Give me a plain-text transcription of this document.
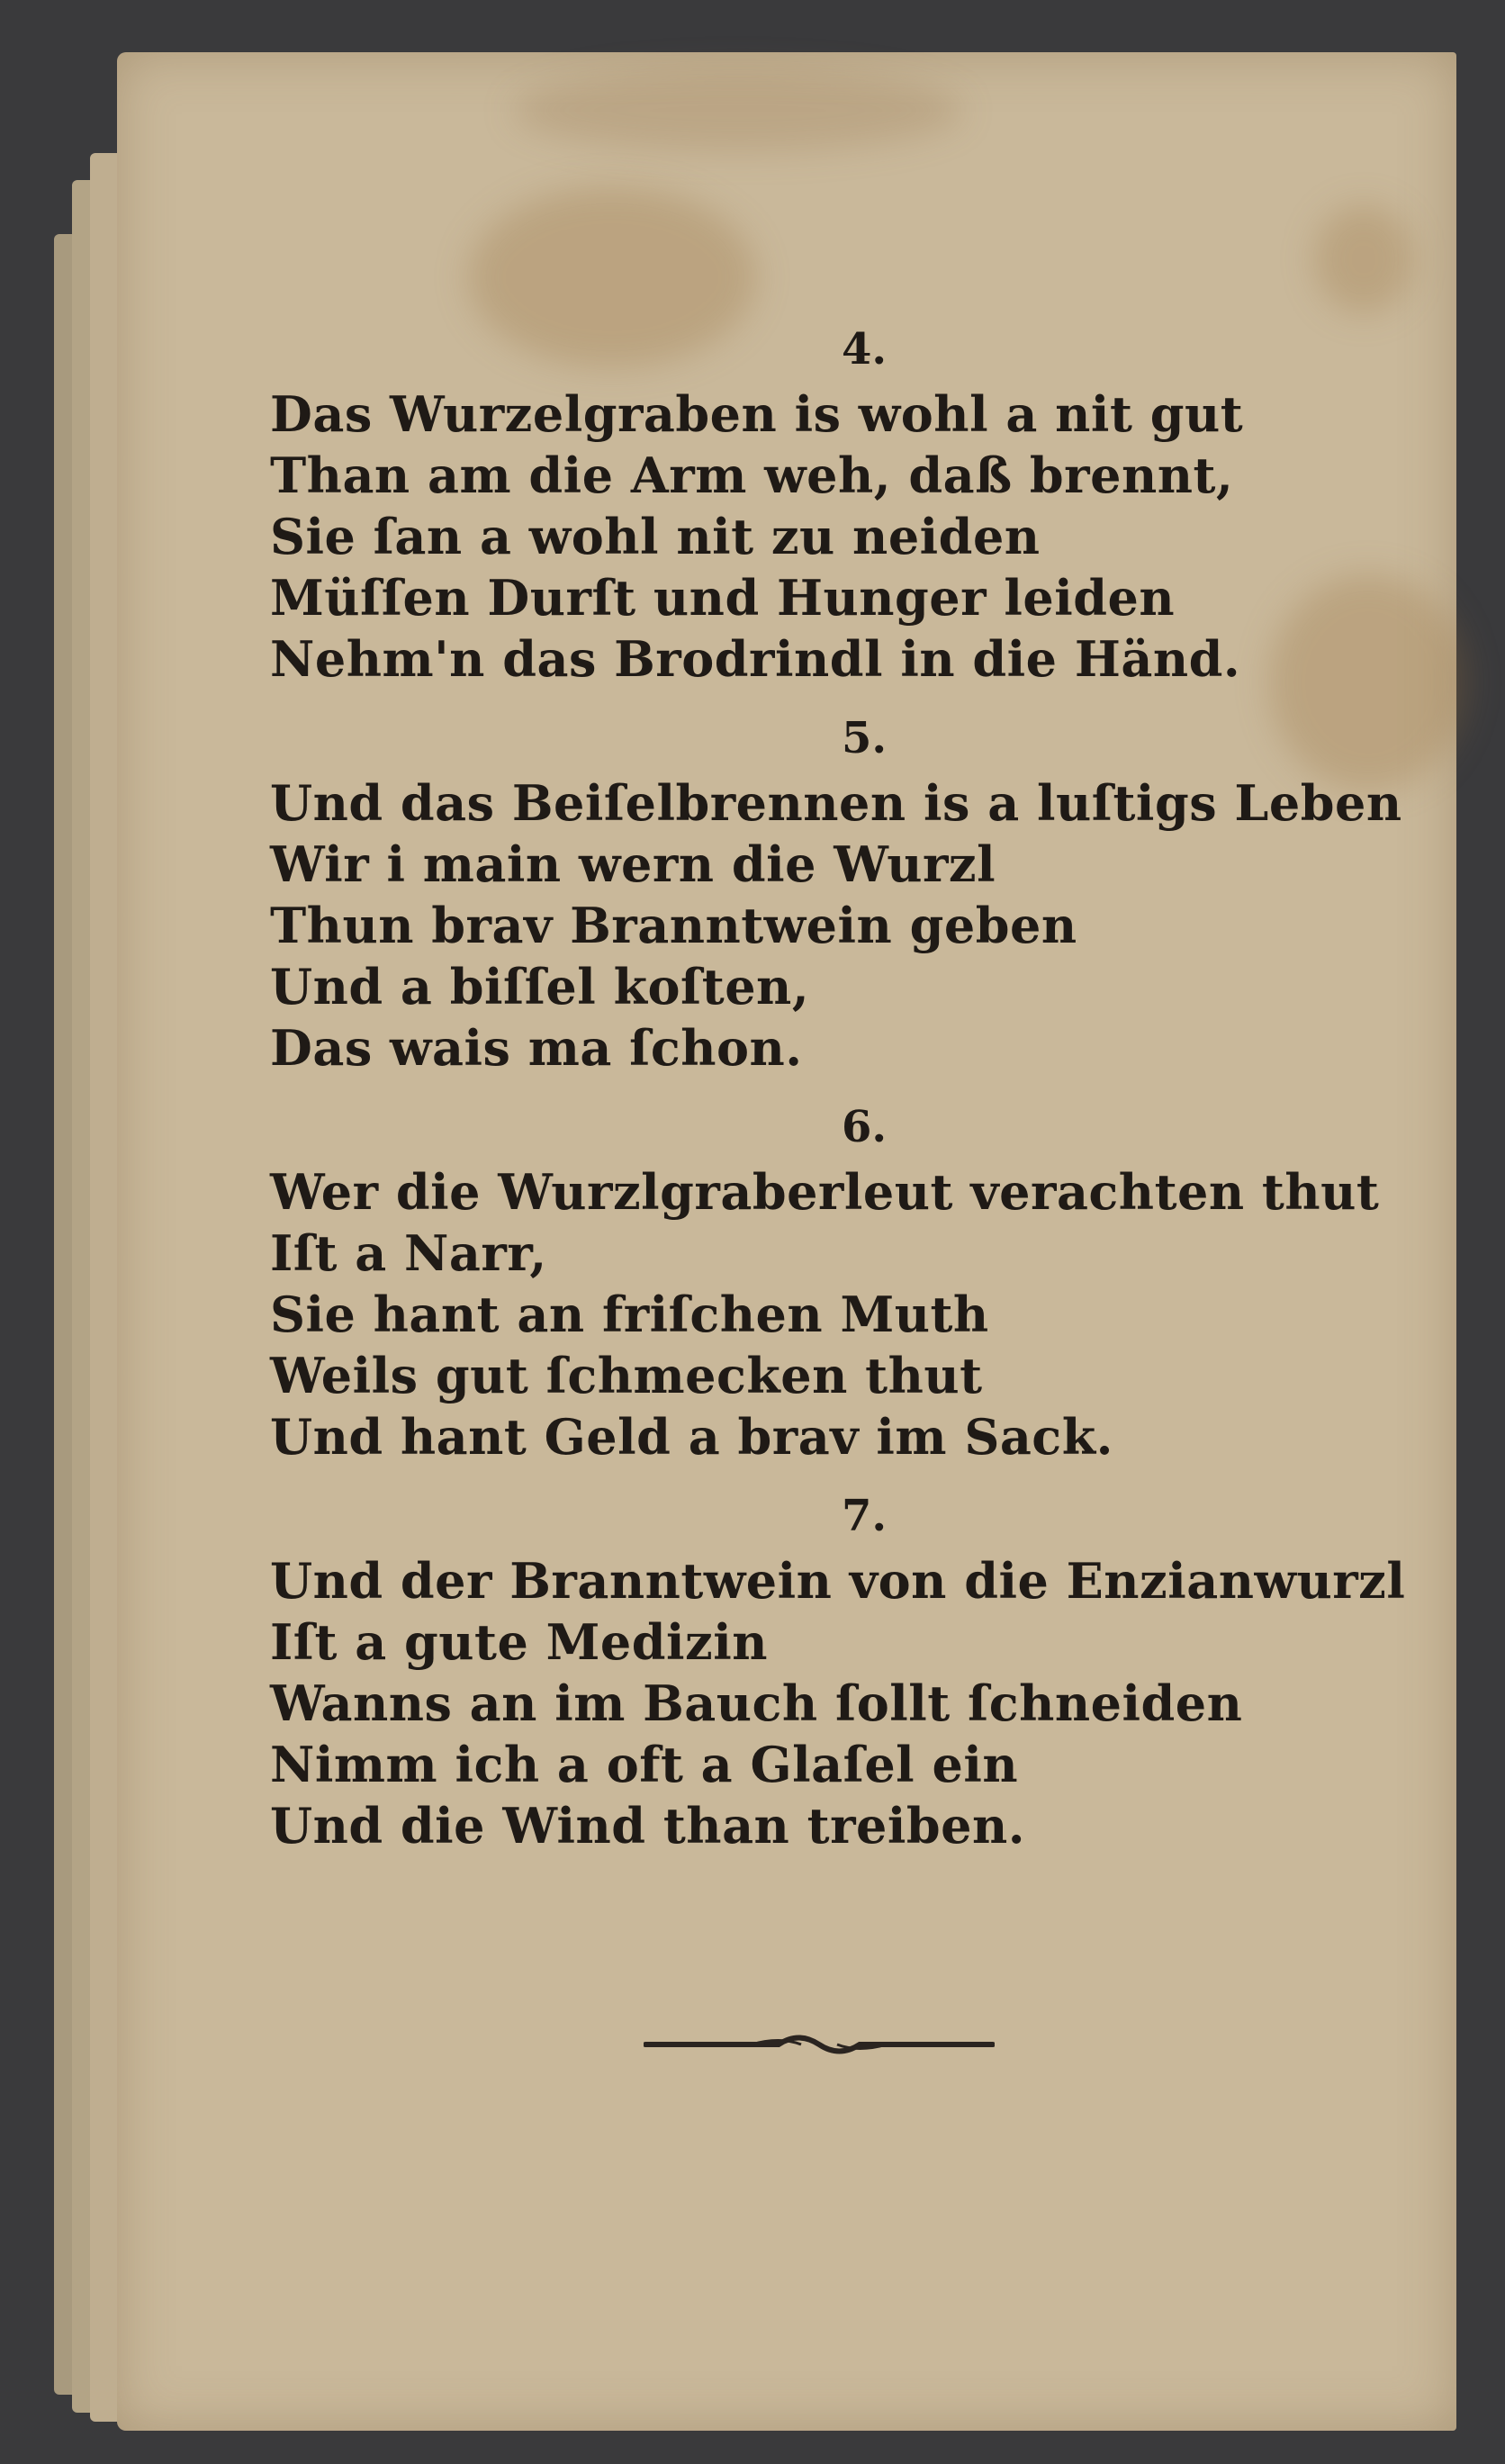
4.
Das Wurzelgraben is wohl a nit gut
Than am die Arm weh, daß brennt,
Sie ſan a wohl nit zu neiden
Müſſen Durſt und Hunger leiden
Nehm'n das Brodrindl in die Händ.
5.
Und das Beiſelbrennen is a luſtigs Leben
Wir i main wern die Wurzl
Thun brav Branntwein geben
Und a biſſel koſten,
Das wais ma ſchon.
6.
Wer die Wurzlgraberleut verachten thut
Iſt a Narr,
Sie hant an friſchen Muth
Weils gut ſchmecken thut
Und hant Geld a brav im Sack.
7.
Und der Branntwein von die Enzianwurzl
Iſt a gute Medizin
Wanns an im Bauch ſollt ſchneiden
Nimm ich a oft a Glaſel ein
Und die Wind than treiben.
